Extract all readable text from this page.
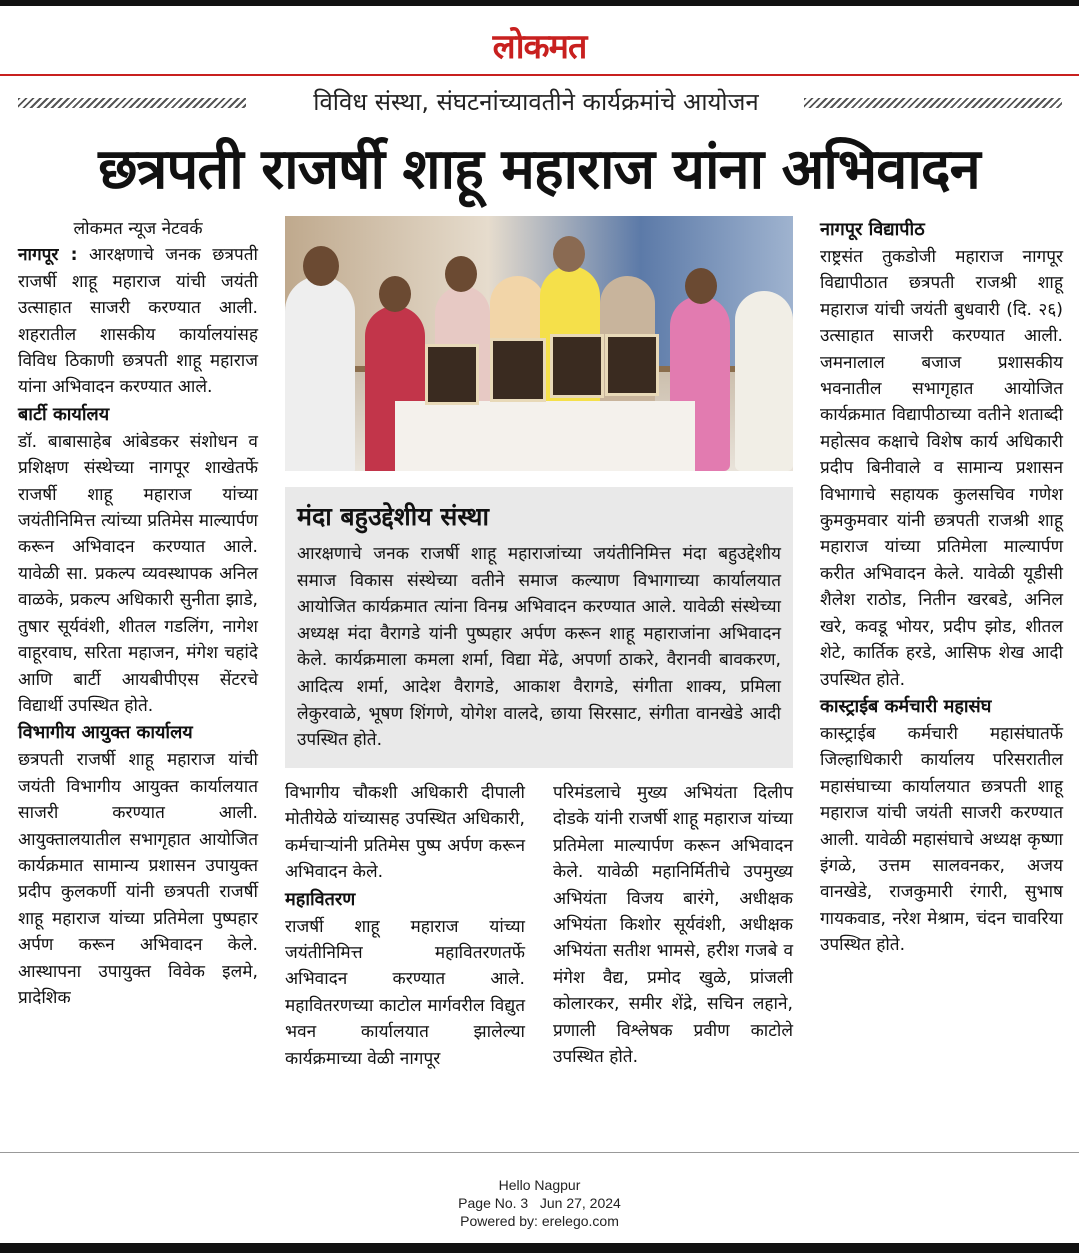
लोकमत
विविध संस्था, संघटनांच्यावतीने कार्यक्रमांचे आयोजन
छत्रपती राजर्षी शाहू महाराज यांना अभिवादन

लोकमत न्यूज नेटवर्क

नागपूर : आरक्षणाचे जनक छत्रपती राजर्षी शाहू महाराज यांची जयंती उत्साहात साजरी करण्यात आली. शहरातील शासकीय कार्यालयांसह विविध ठिकाणी छत्रपती शाहू महाराज यांना अभिवादन करण्यात आले.

बार्टी कार्यालय

डॉ. बाबासाहेब आंबेडकर संशोधन व प्रशिक्षण संस्थेच्या नागपूर शाखेतर्फे राजर्षी शाहू महाराज यांच्या जयंतीनिमित्त त्यांच्या प्रतिमेस माल्यार्पण करून अभिवादन करण्यात आले. यावेळी सा. प्रकल्प व्यवस्थापक अनिल वाळके, प्रकल्प अधिकारी सुनीता झाडे, तुषार सूर्यवंशी, शीतल गडलिंग, नागेश वाहूरवाघ, सरिता महाजन, मंगेश चहांदे आणि बार्टी आयबीपीएस सेंटरचे विद्यार्थी उपस्थित होते.

विभागीय आयुक्त कार्यालय

छत्रपती राजर्षी शाहू महाराज यांची जयंती विभागीय आयुक्त कार्यालयात साजरी करण्यात आली. आयुक्तालयातील सभागृहात आयोजित कार्यक्रमात सामान्य प्रशासन उपायुक्त प्रदीप कुलकर्णी यांनी छत्रपती राजर्षी शाहू महाराज यांच्या प्रतिमेला पुष्पहार अर्पण करून अभिवादन केले. आस्थापना उपायुक्त विवेक इलमे, प्रादेशिक

मंदा बहुउद्देशीय संस्था
आरक्षणाचे जनक राजर्षी शाहू महाराजांच्या जयंतीनिमित्त मंदा बहुउद्देशीय समाज विकास संस्थेच्या वतीने समाज कल्याण विभागाच्या कार्यालयात आयोजित कार्यक्रमात त्यांना विनम्र अभिवादन करण्यात आले. यावेळी संस्थेच्या अध्यक्ष मंदा वैरागडे यांनी पुष्पहार अर्पण करून शाहू महाराजांना अभिवादन केले. कार्यक्रमाला कमला शर्मा, विद्या मेंढे, अपर्णा ठाकरे, वैरानवी बावकरण, आदित्य शर्मा, आदेश वैरागडे, आकाश वैरागडे, संगीता शाक्य, प्रमिला लेकुरवाळे, भूषण शिंगणे, योगेश वालदे, छाया सिरसाट, संगीता वानखेडे आदी उपस्थित होते.

विभागीय चौकशी अधिकारी दीपाली मोतीयेळे यांच्यासह उपस्थित अधिकारी, कर्मचाऱ्यांनी प्रतिमेस पुष्प अर्पण करून अभिवादन केले.

महावितरण

राजर्षी शाहू महाराज यांच्या जयंतीनिमित्त महावितरणतर्फे अभिवादन करण्यात आले. महावितरणच्या काटोल मार्गवरील विद्युत भवन कार्यालयात झालेल्या कार्यक्रमाच्या वेळी नागपूर

परिमंडलाचे मुख्य अभियंता दिलीप दोडके यांनी राजर्षी शाहू महाराज यांच्या प्रतिमेला माल्यार्पण करून अभिवादन केले. यावेळी महानिर्मितीचे उपमुख्य अभियंता विजय बारंगे, अधीक्षक अभियंता किशोर सूर्यवंशी, अधीक्षक अभियंता सतीश भामसे, हरीश गजबे व मंगेश वैद्य, प्रमोद खुळे, प्रांजली कोलारकर, समीर शेंद्रे, सचिन लहाने, प्रणाली विश्लेषक प्रवीण काटोले उपस्थित होते.

नागपूर विद्यापीठ

राष्ट्रसंत तुकडोजी महाराज नागपूर विद्यापीठात छत्रपती राजश्री शाहू महाराज यांची जयंती बुधवारी (दि. २६) उत्साहात साजरी करण्यात आली. जमनालाल बजाज प्रशासकीय भवनातील सभागृहात आयोजित कार्यक्रमात विद्यापीठाच्या वतीने शताब्दी महोत्सव कक्षाचे विशेष कार्य अधिकारी प्रदीप बिनीवाले व सामान्य प्रशासन विभागाचे सहायक कुलसचिव गणेश कुमकुमवार यांनी छत्रपती राजश्री शाहू महाराज यांच्या प्रतिमेला माल्यार्पण करीत अभिवादन केले. यावेळी यूडीसी शैलेश राठोड, नितीन खरबडे, अनिल खरे, कवडू भोयर, प्रदीप झोड, शीतल शेटे, कार्तिक हरडे, आसिफ शेख आदी उपस्थित होते.

कास्ट्राईब कर्मचारी महासंघ

कास्ट्राईब कर्मचारी महासंघातर्फे जिल्हाधिकारी कार्यालय परिसरातील महासंघाच्या कार्यालयात छत्रपती शाहू महाराज यांची जयंती साजरी करण्यात आली. यावेळी महासंघाचे अध्यक्ष कृष्णा इंगळे, उत्तम सालवनकर, अजय वानखेडे, राजकुमारी रंगारी, सुभाष गायकवाड, नरेश मेश्राम, चंदन चावरिया उपस्थित होते.

Hello Nagpur
Page No. 3   Jun 27, 2024
Powered by: erelego.com
